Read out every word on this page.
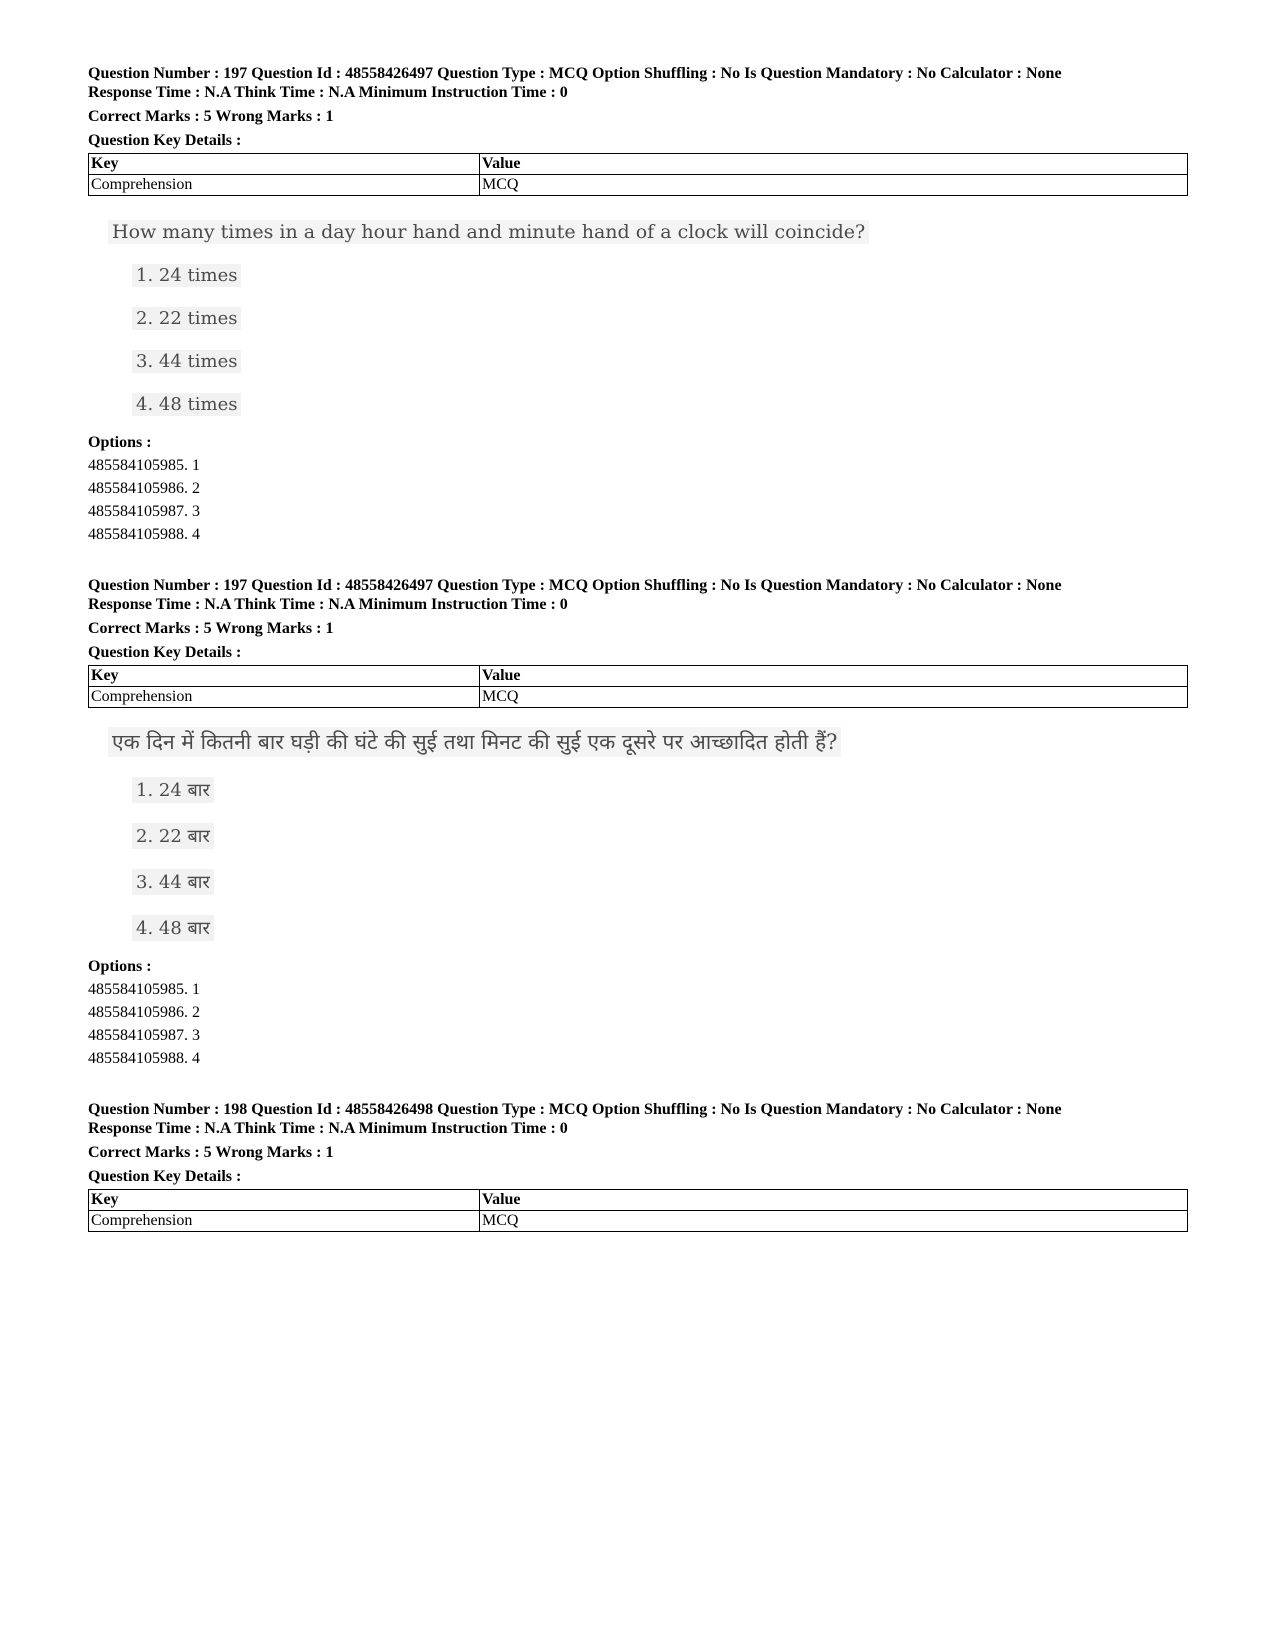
Question Number : 197 Question Id : 48558426497 Question Type : MCQ Option Shuffling : No Is Question Mandatory : No Calculator : None
Response Time : N.A Think Time : N.A Minimum Instruction Time : 0
Correct Marks : 5 Wrong Marks : 1
Question Key Details :
Key	Value
Comprehension	MCQ
How many times in a day hour hand and minute hand of a clock will coincide?
1. 24 times
2. 22 times
3. 44 times
4. 48 times
Options :
485584105985. 1
485584105986. 2
485584105987. 3
485584105988. 4
Question Number : 197 Question Id : 48558426497 Question Type : MCQ Option Shuffling : No Is Question Mandatory : No Calculator : None
Response Time : N.A Think Time : N.A Minimum Instruction Time : 0
Correct Marks : 5 Wrong Marks : 1
Question Key Details :
Key	Value
Comprehension	MCQ
एक दिन में कितनी बार घड़ी की घंटे की सुई तथा मिनट की सुई एक दूसरे पर आच्छादित होती हैं?
1. 24 बार
2. 22 बार
3. 44 बार
4. 48 बार
Options :
485584105985. 1
485584105986. 2
485584105987. 3
485584105988. 4
Question Number : 198 Question Id : 48558426498 Question Type : MCQ Option Shuffling : No Is Question Mandatory : No Calculator : None
Response Time : N.A Think Time : N.A Minimum Instruction Time : 0
Correct Marks : 5 Wrong Marks : 1
Question Key Details :
Key	Value
Comprehension	MCQ
